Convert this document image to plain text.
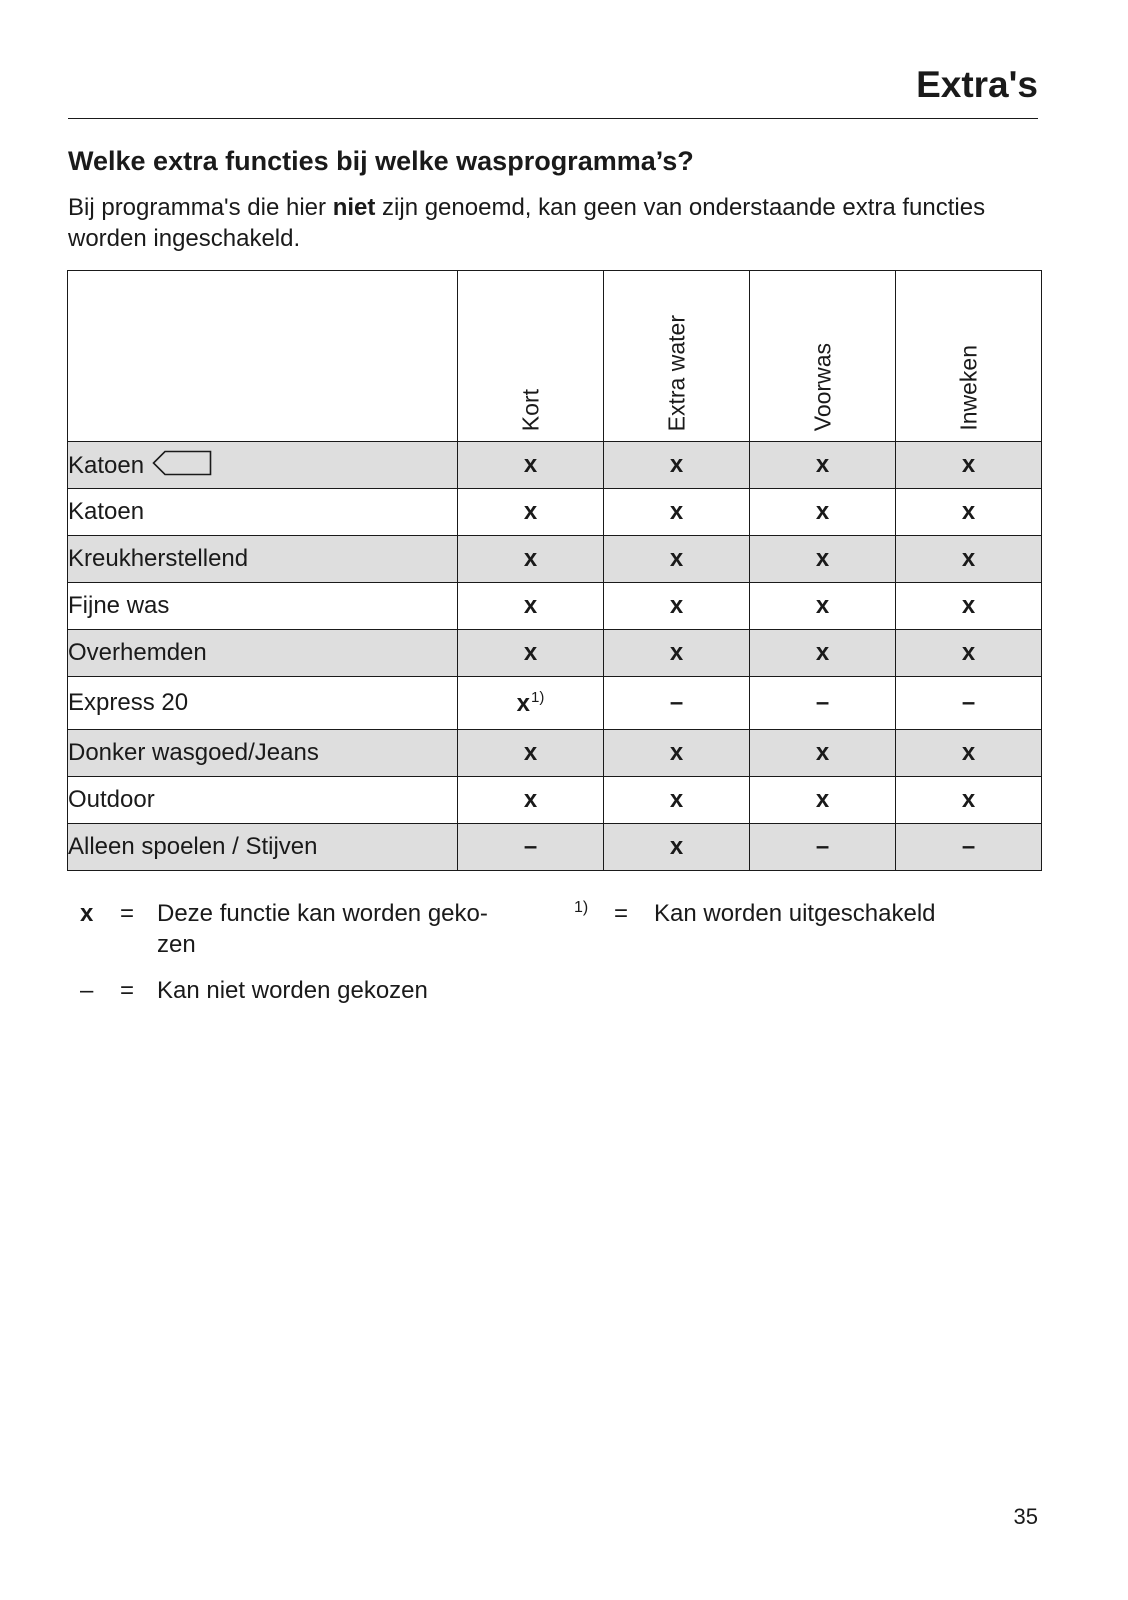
Extra's
Welke extra functies bij welke wasprogramma’s?
Bij programma's die hier niet zijn genoemd, kan geen van onderstaande extra functies worden ingeschakeld.

	Kort	Extra water	Voorwas	Inweken

Katoen	x	x	x	x
Katoen	x	x	x	x
Kreukherstellend	x	x	x	x
Fijne was	x	x	x	x
Overhemden	x	x	x	x
Express 20	x$^{1)}$	–	–	–
Donker wasgoed/Jeans	x	x	x	x
Outdoor	x	x	x	x
Alleen spoelen / Stijven	–	x	–	–
x = Deze functie kan worden geko-
zen
– = Kan niet worden gekozen
1) = Kan worden uitgeschakeld
35
